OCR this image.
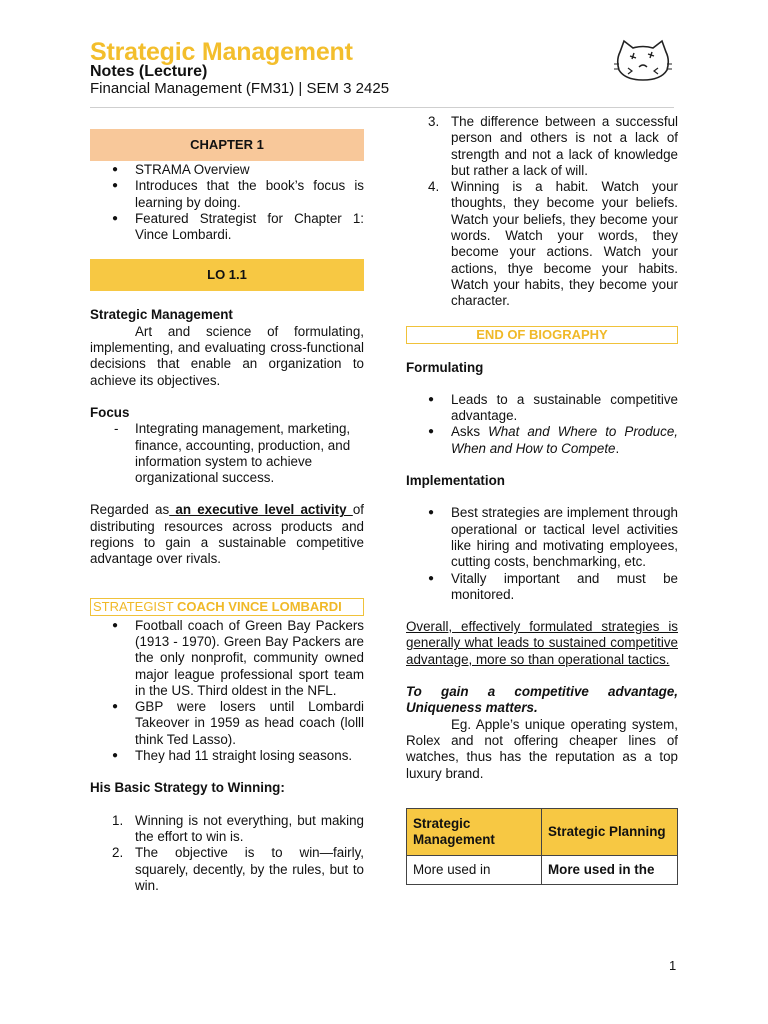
Strategic Management
Notes (Lecture)
Financial Management (FM31) | SEM 3 2425
CHAPTER 1
● STRAMA Overview
● Introduces that the book’s focus is learning by doing.
● Featured Strategist for Chapter 1: Vince Lombardi.
LO 1.1

Strategic Management

Art and science of formulating, implementing, and evaluating cross-functional decisions that enable an organization to achieve its objectives.

Focus

- Integrating management, marketing, finance, accounting, production, and information system to achieve organizational success.

Regarded as an executive level activity of distributing resources across products and regions to gain a sustainable competitive advantage over rivals.

STRATEGIST COACH VINCE LOMBARDI
● Football coach of Green Bay Packers (1913 - 1970). Green Bay Packers are the only nonprofit, community owned major league professional sport team in the US. Third oldest in the NFL.
● GBP were losers until Lombardi Takeover in 1959 as head coach (lolll think Ted Lasso).
● They had 11 straight losing seasons.

His Basic Strategy to Winning:

1. Winning is not everything, but making the effort to win is.
2. The objective is to win—fairly, squarely, decently, by the rules, but to win.
3. The difference between a successful person and others is not a lack of strength and not a lack of knowledge but rather a lack of will.
4. Winning is a habit. Watch your thoughts, they become your beliefs. Watch your beliefs, they become your words. Watch your words, they become your actions. Watch your actions, thye become your habits. Watch your habits, they become your character.
END OF BIOGRAPHY

Formulating

● Leads to a sustainable competitive advantage.
● Asks What and Where to Produce, When and How to Compete.

Implementation

● Best strategies are implement through operational or tactical level activities like hiring and motivating employees, cutting costs, benchmarking, etc.
● Vitally important and must be monitored.

Overall, effectively formulated strategies is generally what leads to sustained competitive advantage, more so than operational tactics.

To gain a competitive advantage, Uniqueness matters.

Eg. Apple’s unique operating system, Rolex and not offering cheaper lines of watches, thus has the reputation as a top luxury brand.

Strategic Management	Strategic Planning
More used in	More used in the
1
